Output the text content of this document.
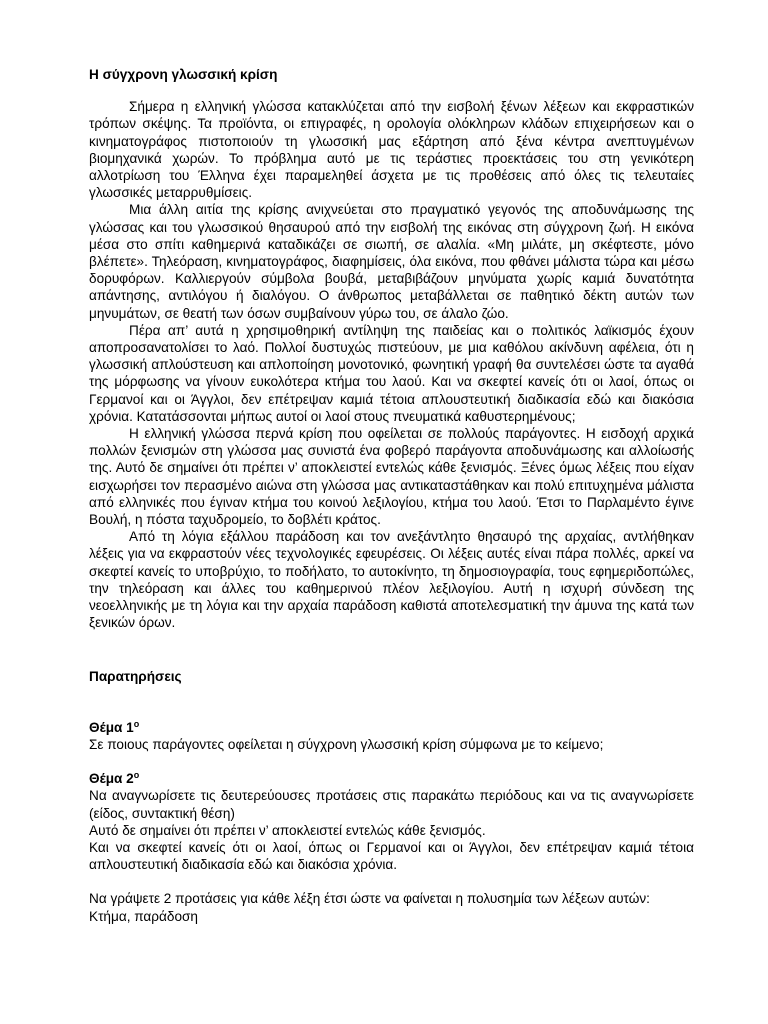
Η σύγχρονη γλωσσική κρίση

Σήμερα η ελληνική γλώσσα κατακλύζεται από την εισβολή ξένων λέξεων και εκφραστικών τρόπων σκέψης. Τα προϊόντα, οι επιγραφές, η ορολογία ολόκληρων κλάδων επιχειρήσεων και ο κινηματογράφος πιστοποιούν τη γλωσσική μας εξάρτηση από ξένα κέντρα ανεπτυγμένων βιομηχανικά χωρών. Το πρόβλημα αυτό με τις τεράστιες προεκτάσεις του στη γενικότερη αλλοτρίωση του Έλληνα έχει παραμεληθεί άσχετα με τις προθέσεις από όλες τις τελευταίες γλωσσικές μεταρρυθμίσεις.

Μια άλλη αιτία της κρίσης ανιχνεύεται στο πραγματικό γεγονός της αποδυνάμωσης της γλώσσας και του γλωσσικού θησαυρού από την εισβολή της εικόνας στη σύγχρονη ζωή. Η εικόνα μέσα στο σπίτι καθημερινά καταδικάζει σε σιωπή, σε αλαλία. «Μη μιλάτε, μη σκέφτεστε, μόνο βλέπετε». Τηλεόραση, κινηματογράφος, διαφημίσεις, όλα εικόνα, που φθάνει μάλιστα τώρα και μέσω δορυφόρων. Καλλιεργούν σύμβολα βουβά, μεταβιβάζουν μηνύματα χωρίς καμιά δυνατότητα απάντησης, αντιλόγου ή διαλόγου. Ο άνθρωπος μεταβάλλεται σε παθητικό δέκτη αυτών των μηνυμάτων, σε θεατή των όσων συμβαίνουν γύρω του, σε άλαλο ζώο.

Πέρα απ’ αυτά η χρησιμοθηρική αντίληψη της παιδείας και ο πολιτικός λαϊκισμός έχουν αποπροσανατολίσει το λαό. Πολλοί δυστυχώς πιστεύουν, με μια καθόλου ακίνδυνη αφέλεια, ότι η γλωσσική απλούστευση και απλοποίηση μονοτονικό, φωνητική γραφή θα συντελέσει ώστε τα αγαθά της μόρφωσης να γίνουν ευκολότερα κτήμα του λαού. Και να σκεφτεί κανείς ότι οι λαοί, όπως οι Γερμανοί και οι Άγγλοι, δεν επέτρεψαν καμιά τέτοια απλουστευτική διαδικασία εδώ και διακόσια χρόνια. Κατατάσσονται μήπως αυτοί οι λαοί στους πνευματικά καθυστερημένους;

Η ελληνική γλώσσα περνά κρίση που οφείλεται σε πολλούς παράγοντες. Η εισδοχή αρχικά πολλών ξενισμών στη γλώσσα μας συνιστά ένα φοβερό παράγοντα αποδυνάμωσης και αλλοίωσής της. Αυτό δε σημαίνει ότι πρέπει ν’ αποκλειστεί εντελώς κάθε ξενισμός. Ξένες όμως λέξεις που είχαν εισχωρήσει τον περασμένο αιώνα στη γλώσσα μας αντικαταστάθηκαν και πολύ επιτυχημένα μάλιστα από ελληνικές που έγιναν κτήμα του κοινού λεξιλογίου, κτήμα του λαού. Έτσι το Παρλαμέντο έγινε Βουλή, η πόστα ταχυδρομείο, το δοβλέτι κράτος.

Από τη λόγια εξάλλου παράδοση και τον ανεξάντλητο θησαυρό της αρχαίας, αντλήθηκαν λέξεις για να εκφραστούν νέες τεχνολογικές εφευρέσεις. Οι λέξεις αυτές είναι πάρα πολλές, αρκεί να σκεφτεί κανείς το υποβρύχιο, το ποδήλατο, το αυτοκίνητο, τη δημοσιογραφία, τους εφημεριδοπώλες, την τηλεόραση και άλλες του καθημερινού πλέον λεξιλογίου. Αυτή η ισχυρή σύνδεση της νεοελληνικής με τη λόγια και την αρχαία παράδοση καθιστά αποτελεσματική την άμυνα της κατά των ξενικών όρων.

Παρατηρήσεις

Θέμα $1^o$

Σε ποιους παράγοντες οφείλεται η σύγχρονη γλωσσική κρίση σύμφωνα με το κείμενο;

Θέμα $2^o$

Να αναγνωρίσετε τις δευτερεύουσες προτάσεις στις παρακάτω περιόδους και να τις αναγνωρίσετε (είδος, συντακτική θέση)

Αυτό δε σημαίνει ότι πρέπει ν’ αποκλειστεί εντελώς κάθε ξενισμός.

Και να σκεφτεί κανείς ότι οι λαοί, όπως οι Γερμανοί και οι Άγγλοι, δεν επέτρεψαν καμιά τέτοια απλουστευτική διαδικασία εδώ και διακόσια χρόνια.

Να γράψετε 2 προτάσεις για κάθε λέξη έτσι ώστε να φαίνεται η πολυσημία των λέξεων αυτών:

Κτήμα, παράδοση
